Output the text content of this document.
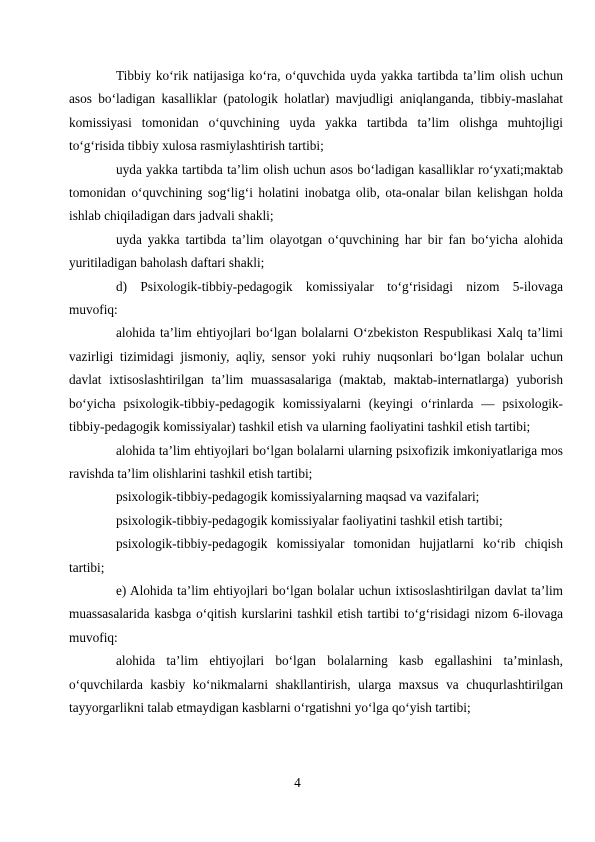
Tibbiy ko‘rik natijasiga ko‘ra, o‘quvchida uyda yakka tartibda ta’lim olish uchun asos bo‘ladigan kasalliklar (patologik holatlar) mavjudligi aniqlanganda, tibbiy-maslahat komissiyasi tomonidan o‘quvchining uyda yakka tartibda ta’lim olishga muhtojligi to‘g‘risida tibbiy xulosa rasmiylashtirish tartibi;

uyda yakka tartibda ta’lim olish uchun asos bo‘ladigan kasalliklar ro‘yxati;maktab tomonidan o‘quvchining sog‘lig‘i holatini inobatga olib, ota-onalar bilan kelishgan holda ishlab chiqiladigan dars jadvali shakli;

uyda yakka tartibda ta’lim olayotgan o‘quvchining har bir fan bo‘yicha alohida yuritiladigan baholash daftari shakli;

d) Psixologik-tibbiy-pedagogik komissiyalar to‘g‘risidagi nizom 5-ilovaga muvofiq:

alohida ta’lim ehtiyojlari bo‘lgan bolalarni O‘zbekiston Respublikasi Xalq ta’limi vazirligi tizimidagi jismoniy, aqliy, sensor yoki ruhiy nuqsonlari bo‘lgan bolalar uchun davlat ixtisoslashtirilgan ta’lim muassasalariga (maktab, maktab-internatlarga) yuborish bo‘yicha psixologik-tibbiy-pedagogik komissiyalarni (keyingi o‘rinlarda — psixologik-tibbiy-pedagogik komissiyalar) tashkil etish va ularning faoliyatini tashkil etish tartibi;

alohida ta’lim ehtiyojlari bo‘lgan bolalarni ularning psixofizik imkoniyatlariga mos ravishda ta’lim olishlarini tashkil etish tartibi;

psixologik-tibbiy-pedagogik komissiyalarning maqsad va vazifalari;

psixologik-tibbiy-pedagogik komissiyalar faoliyatini tashkil etish tartibi;

psixologik-tibbiy-pedagogik komissiyalar tomonidan hujjatlarni ko‘rib chiqish tartibi;

e) Alohida ta’lim ehtiyojlari bo‘lgan bolalar uchun ixtisoslashtirilgan davlat ta’lim muassasalarida kasbga o‘qitish kurslarini tashkil etish tartibi to‘g‘risidagi nizom 6-ilovaga muvofiq:

alohida ta’lim ehtiyojlari bo‘lgan bolalarning kasb egallashini ta’minlash, o‘quvchilarda kasbiy ko‘nikmalarni shakllantirish, ularga maxsus va chuqurlashtirilgan tayyorgarlikni talab etmaydigan kasblarni o‘rgatishni yo‘lga qo‘yish tartibi;

4
